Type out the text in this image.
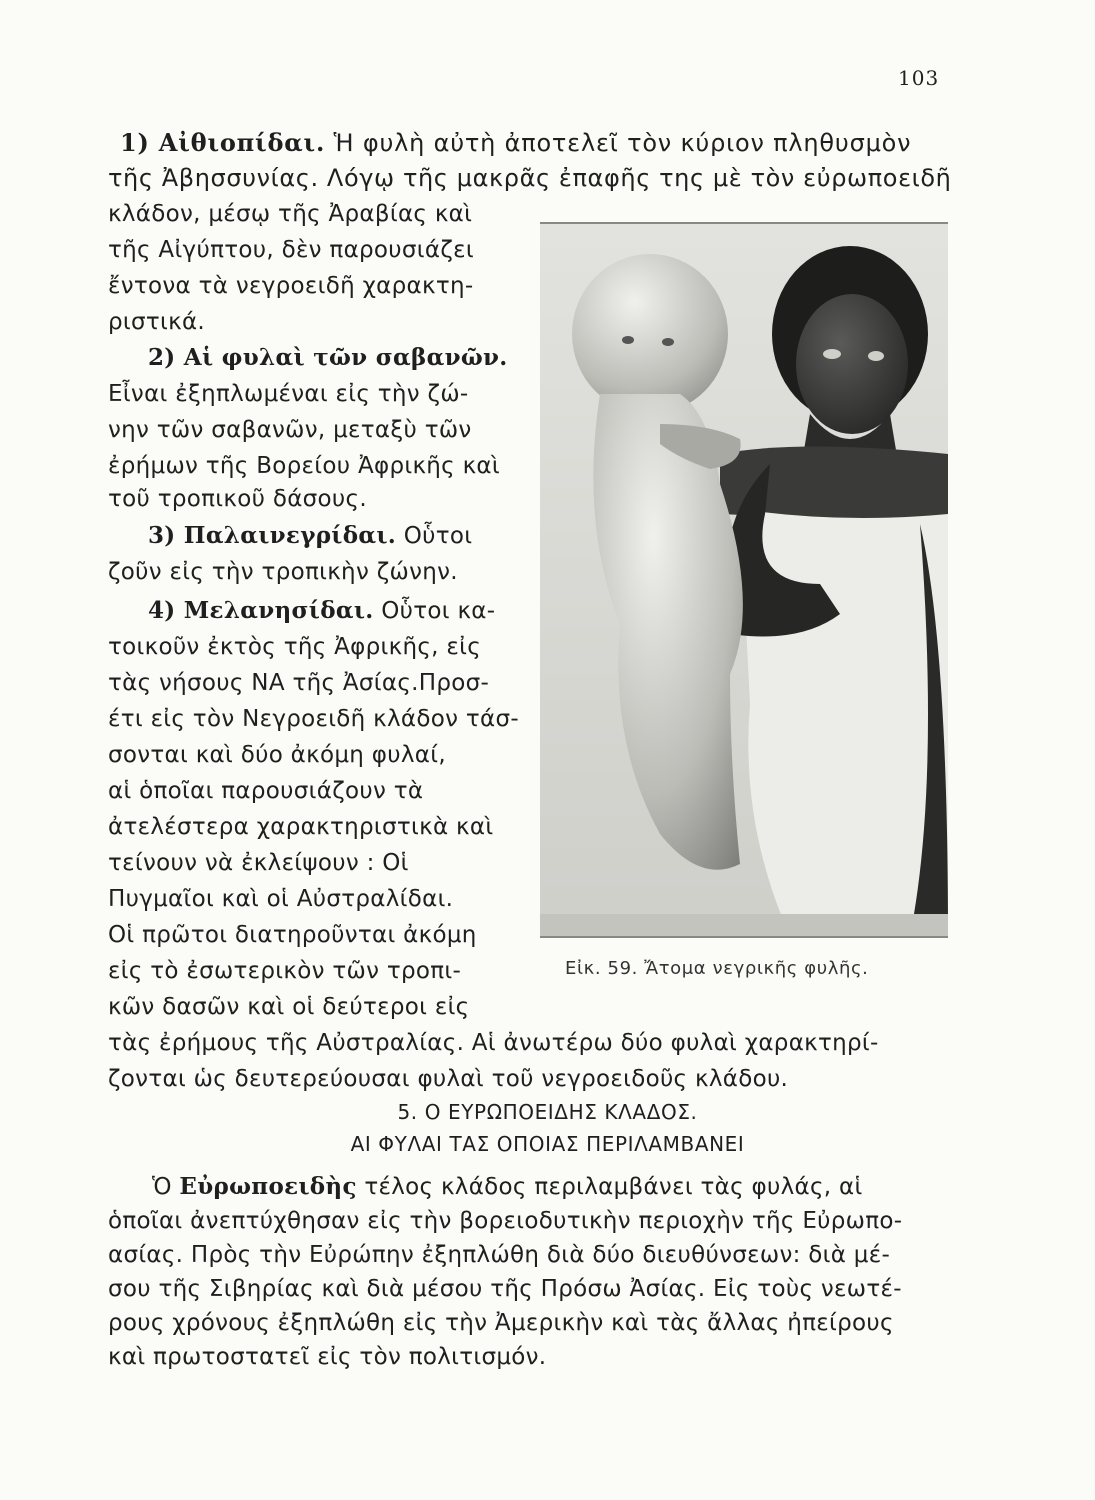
103
1) Αἰθιοπίδαι. Ἡ φυλὴ αὐτὴ ἀποτελεῖ τὸν κύριον πληθυσμὸν
τῆς Ἀβησσυνίας. Λόγῳ τῆς μακρᾶς ἐπαφῆς της μὲ τὸν εὐρωποειδῆ
κλάδον, μέσῳ τῆς Ἀραβίας καὶ
τῆς Αἰγύπτου, δὲν παρουσιάζει
ἔντονα τὰ νεγροειδῆ χαρακτη-
ριστικά.
2) Αἱ φυλαὶ τῶν σαβανῶν.
Εἶναι ἐξηπλωμέναι εἰς τὴν ζώ-
νην τῶν σαβανῶν, μεταξὺ τῶν
ἐρήμων τῆς Βορείου Ἀφρικῆς καὶ
τοῦ τροπικοῦ δάσους.
3) Παλαινεγρίδαι. Οὗτοι
ζοῦν εἰς τὴν τροπικὴν ζώνην.
4) Μελανησίδαι. Οὗτοι κα-
τοικοῦν ἐκτὸς τῆς Ἀφρικῆς, εἰς
τὰς νήσους ΝΑ τῆς Ἀσίας.Προσ-
έτι εἰς τὸν Νεγροειδῆ κλάδον τάσ-
σονται καὶ δύο ἀκόμη φυλαί,
αἱ ὁποῖαι παρουσιάζουν τὰ
ἀτελέστερα χαρακτηριστικὰ καὶ
τείνουν νὰ ἐκλείψουν : Οἱ
Πυγμαῖοι καὶ οἱ Αὐστραλίδαι.
Οἱ πρῶτοι διατηροῦνται ἀκόμη
εἰς τὸ ἐσωτερικὸν τῶν τροπι-
κῶν δασῶν καὶ οἱ δεύτεροι εἰς
τὰς ἐρήμους τῆς Αὐστραλίας. Αἱ ἀνωτέρω δύο φυλαὶ χαρακτηρί-
ζονται ὡς δευτερεύουσαι φυλαὶ τοῦ νεγροειδοῦς κλάδου.
Εἰκ. 59. Ἄτομα νεγρικῆς φυλῆς.
5. Ο ΕΥΡΩΠΟΕΙΔΗΣ ΚΛΑΔΟΣ.
ΑΙ ΦΥΛΑΙ ΤΑΣ ΟΠΟΙΑΣ ΠΕΡΙΛΑΜΒΑΝΕΙ
Ὁ Εὐρωποειδὴς τέλος κλάδος περιλαμβάνει τὰς φυλάς, αἱ
ὁποῖαι ἀνεπτύχθησαν εἰς τὴν βορειοδυτικὴν περιοχὴν τῆς Εὐρωπο-
ασίας. Πρὸς τὴν Εὐρώπην ἐξηπλώθη διὰ δύο διευθύνσεων: διὰ μέ-
σου τῆς Σιβηρίας καὶ διὰ μέσου τῆς Πρόσω Ἀσίας. Εἰς τοὺς νεωτέ-
ρους χρόνους ἐξηπλώθη εἰς τὴν Ἀμερικὴν καὶ τὰς ἄλλας ἠπείρους
καὶ πρωτοστατεῖ εἰς τὸν πολιτισμόν.
